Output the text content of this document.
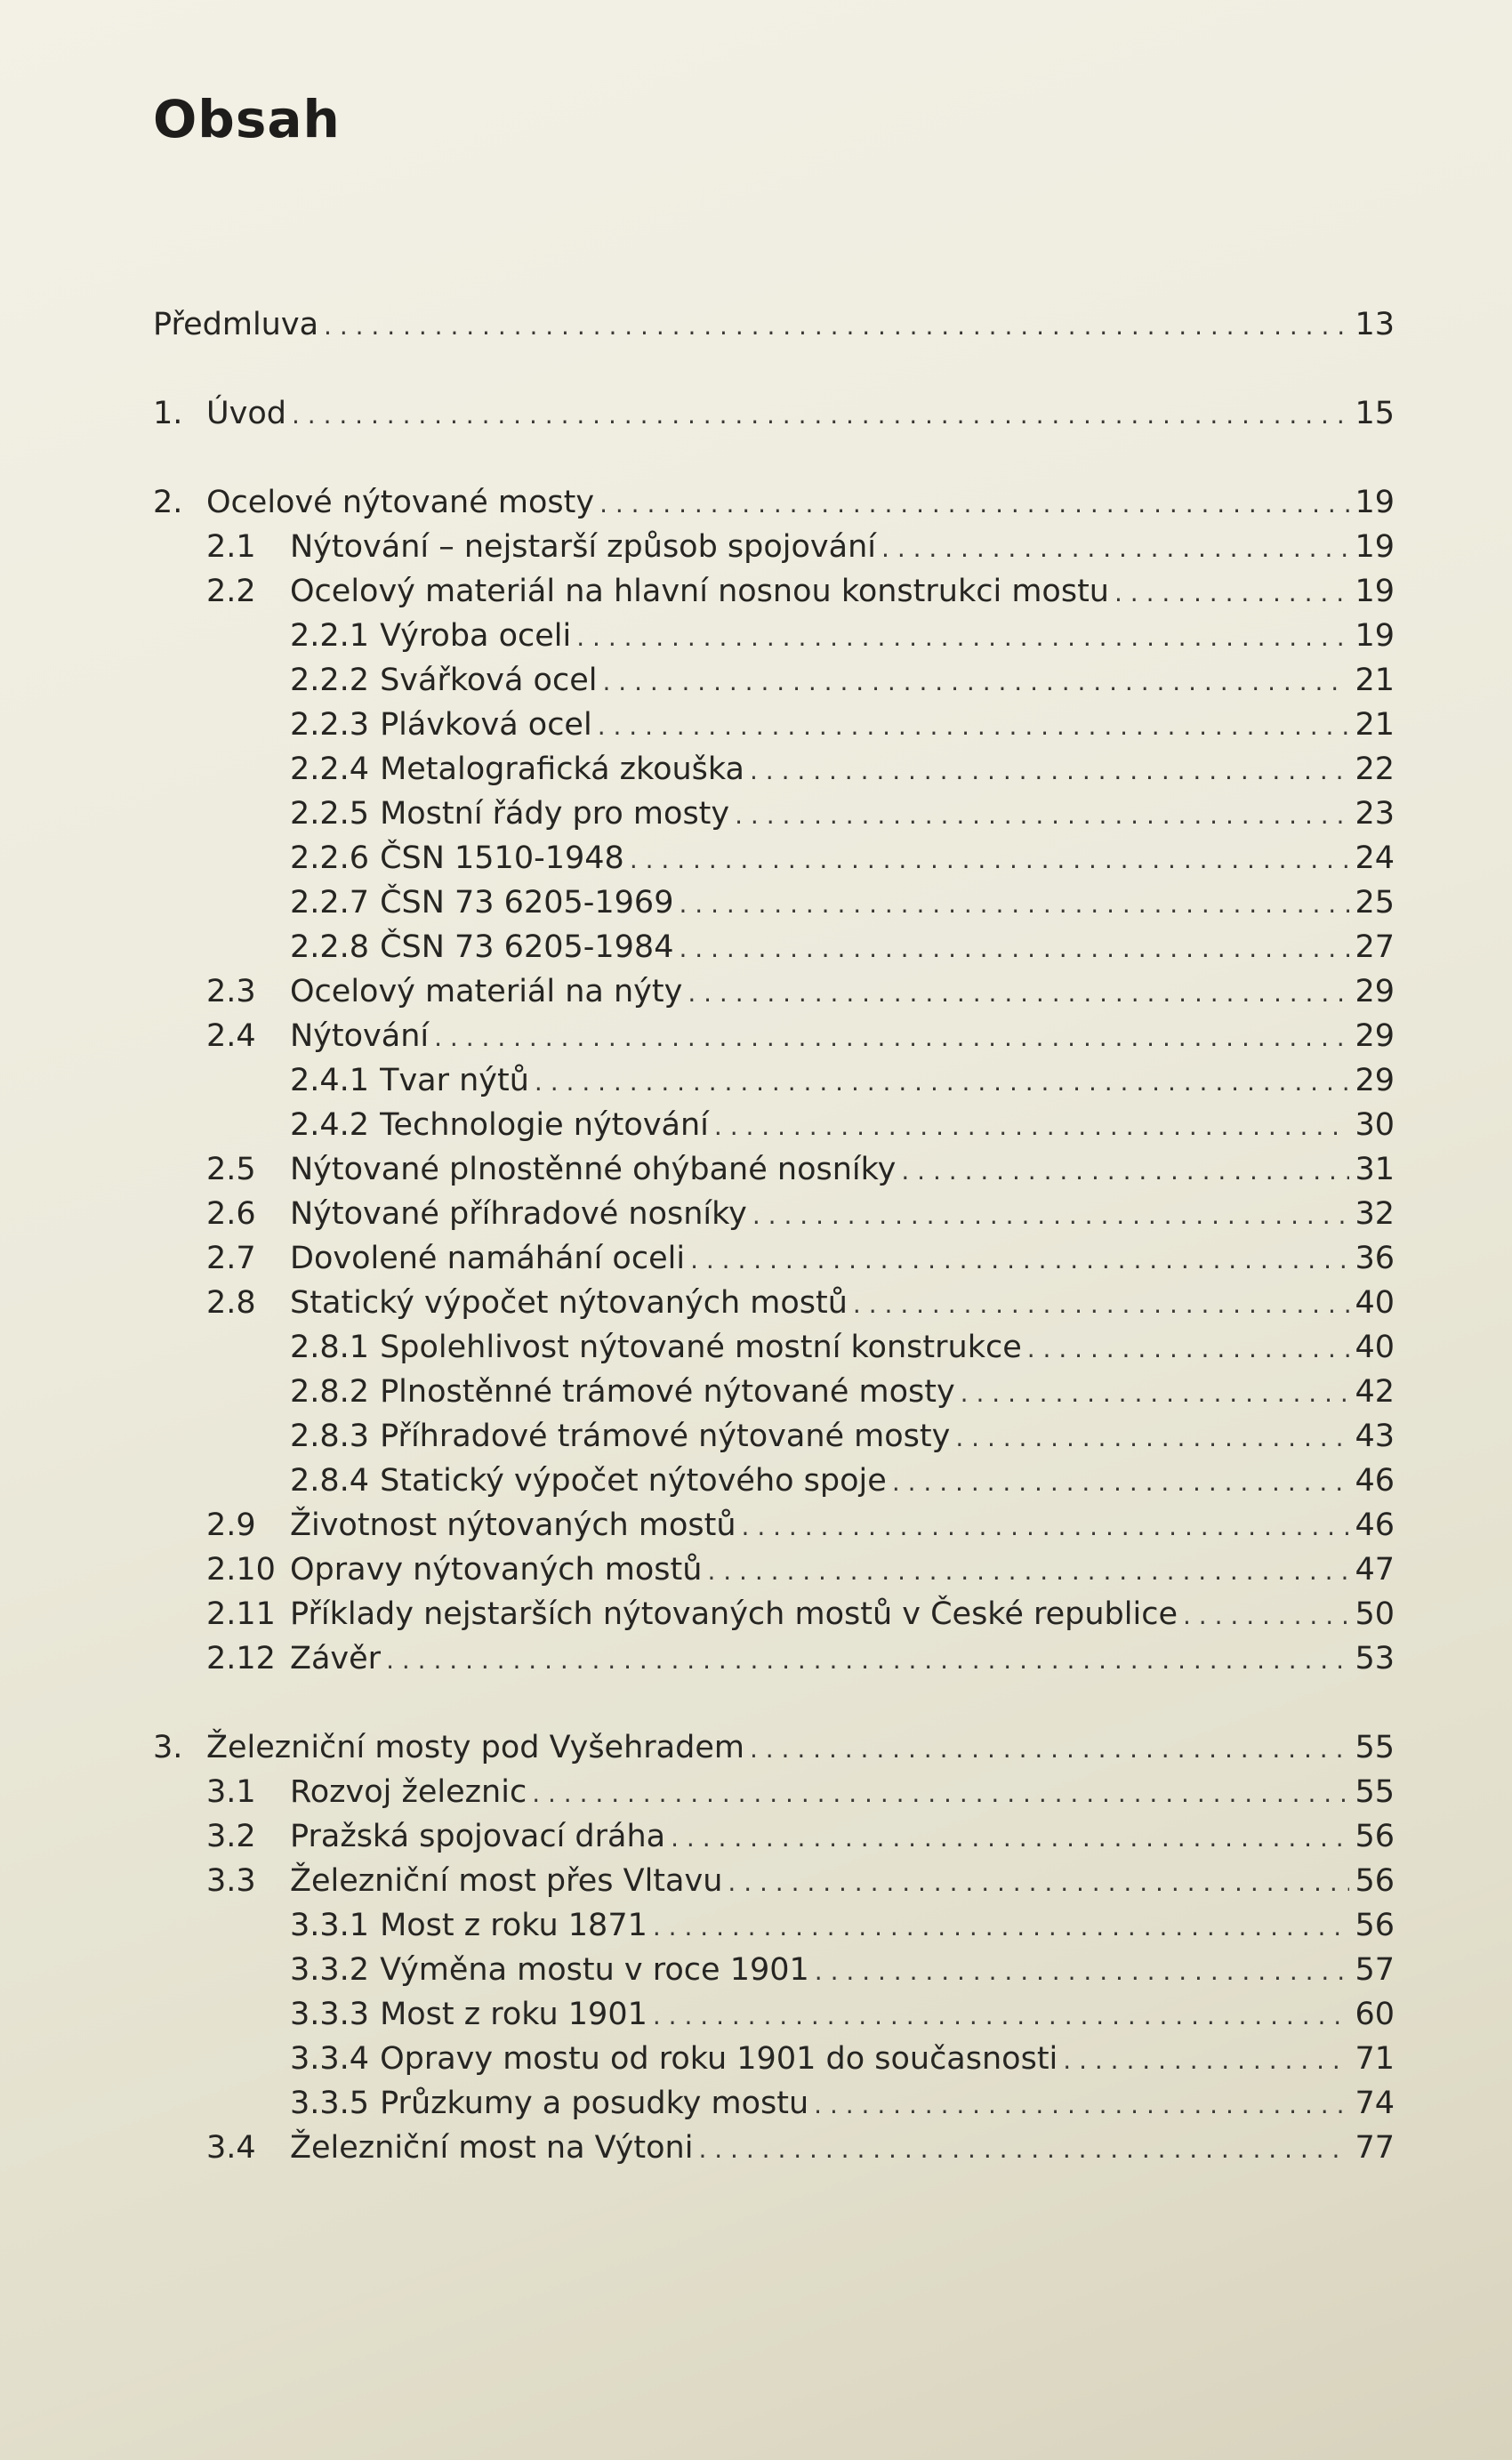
Obsah
Předmluva . . .	13
1. Úvod . . .	15
2. Ocelové nýtované mosty . . .	19
2.1	Nýtování – nejstarší způsob spojování . . .	19
2.2	Ocelový materiál na hlavní nosnou konstrukci mostu . . .	19
2.2.1 Výroba oceli . . .	19
2.2.2 Svářková ocel . . .	21
2.2.3 Plávková ocel . . .	21
2.2.4 Metalografická zkouška . . .	22
2.2.5 Mostní řády pro mosty . . .	23
2.2.6 ČSN 1510-1948 . . .	24
2.2.7 ČSN 73 6205-1969 . . .	25
2.2.8 ČSN 73 6205-1984 . . .	27
2.3	Ocelový materiál na nýty . . .	29
2.4	Nýtování . . .	29
2.4.1 Tvar nýtů . . .	29
2.4.2 Technologie nýtování . . .	30
2.5	Nýtované plnostěnné ohýbané nosníky . . .	31
2.6	Nýtované příhradové nosníky . . .	32
2.7	Dovolené namáhání oceli . . .	36
2.8	Statický výpočet nýtovaných mostů . . .	40
2.8.1 Spolehlivost nýtované mostní konstrukce . . .	40
2.8.2 Plnostěnné trámové nýtované mosty . . .	42
2.8.3 Příhradové trámové nýtované mosty . . .	43
2.8.4 Statický výpočet nýtového spoje . . .	46
2.9	Životnost nýtovaných mostů . . .	46
2.10 Opravy nýtovaných mostů . . .	47
2.11 Příklady nejstarších nýtovaných mostů v České republice . . .	50
2.12 Závěr . . .	53
3. Železniční mosty pod Vyšehradem . . .	55
3.1	Rozvoj železnic . . .	55
3.2	Pražská spojovací dráha . . .	56
3.3	Železniční most přes Vltavu . . .	56
3.3.1 Most z roku 1871 . . .	56
3.3.2 Výměna mostu v roce 1901 . . .	57
3.3.3 Most z roku 1901 . . .	60
3.3.4 Opravy mostu od roku 1901 do současnosti . . .	71
3.3.5 Průzkumy a posudky mostu . . .	74
3.4	Železniční most na Výtoni . . .	77
